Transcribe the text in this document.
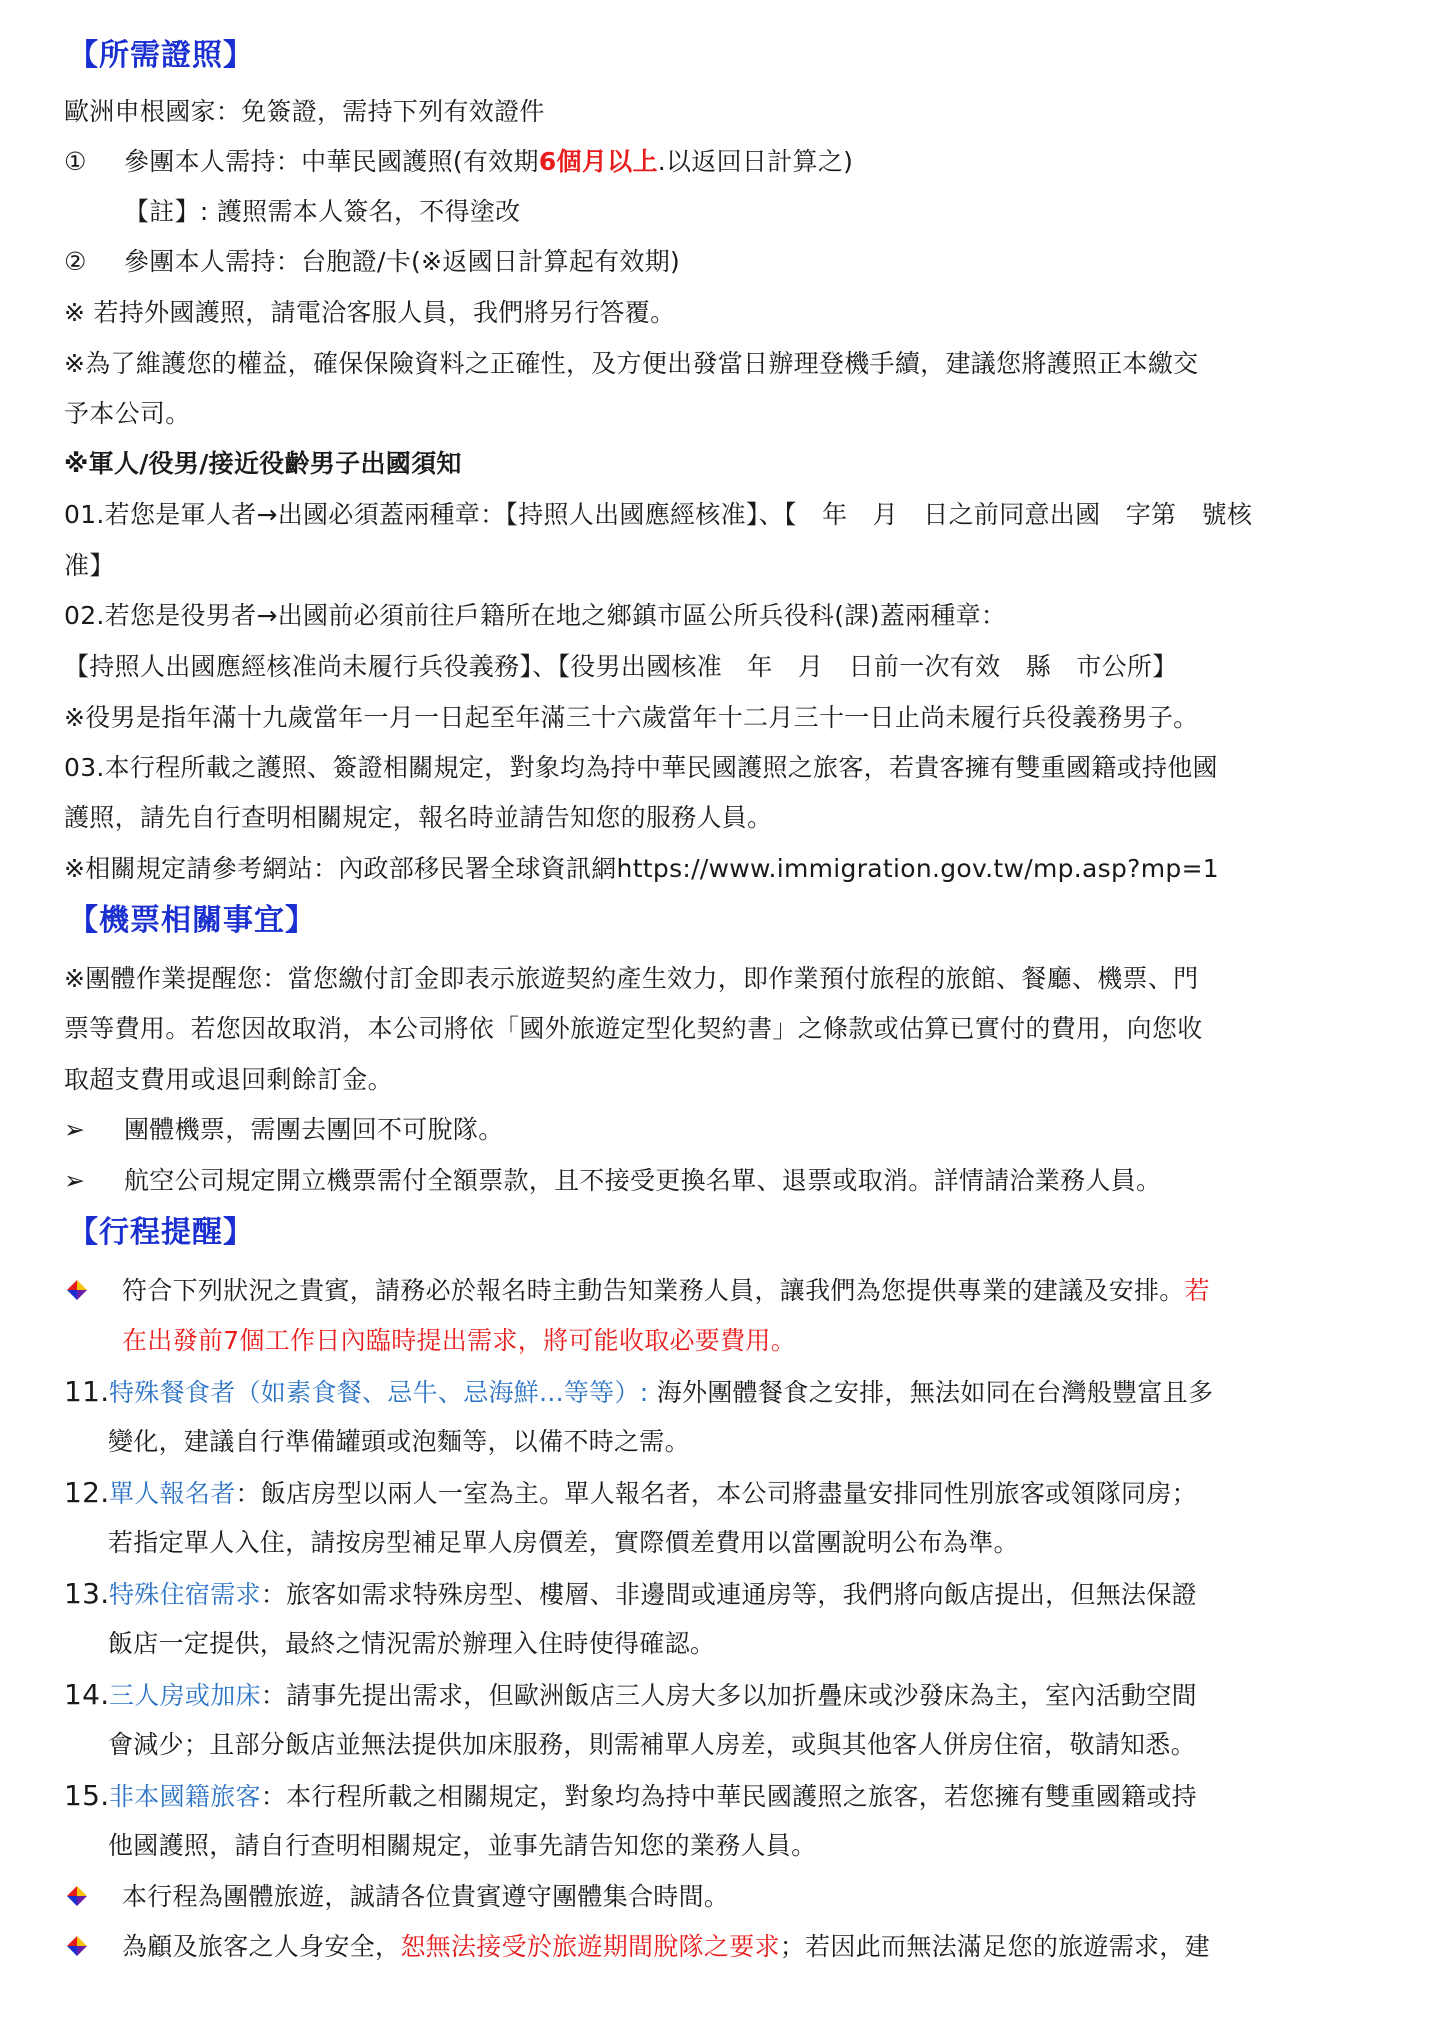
【所需證照】
歐洲申根國家：免簽證，需持下列有效證件
① 參團本人需持：中華民國護照(有效期6個月以上.以返回日計算之)
【註】: 護照需本人簽名，不得塗改
② 參團本人需持：台胞證/卡(※返國日計算起有效期)
※ 若持外國護照，請電洽客服人員，我們將另行答覆。
※為了維護您的權益，確保保險資料之正確性，及方便出發當日辦理登機手續，建議您將護照正本繳交
予本公司。
※軍人/役男/接近役齡男子出國須知
01.若您是軍人者→出國必須蓋兩種章：【持照人出國應經核准】、【　年　月　日之前同意出國　字第　號核
准】
02.若您是役男者→出國前必須前往戶籍所在地之鄉鎮市區公所兵役科(課)蓋兩種章：
【持照人出國應經核准尚未履行兵役義務】、【役男出國核准　年　月　日前一次有效　縣　市公所】
※役男是指年滿十九歲當年一月一日起至年滿三十六歲當年十二月三十一日止尚未履行兵役義務男子。
03.本行程所載之護照、簽證相關規定，對象均為持中華民國護照之旅客，若貴客擁有雙重國籍或持他國
護照，請先自行查明相關規定，報名時並請告知您的服務人員。
※相關規定請參考網站：內政部移民署全球資訊網https://www.immigration.gov.tw/mp.asp?mp=1
【機票相關事宜】
※團體作業提醒您：當您繳付訂金即表示旅遊契約產生效力，即作業預付旅程的旅館、餐廳、機票、門
票等費用。若您因故取消，本公司將依「國外旅遊定型化契約書」之條款或估算已實付的費用，向您收
取超支費用或退回剩餘訂金。
➢ 團體機票，需團去團回不可脫隊。
➢ 航空公司規定開立機票需付全額票款，且不接受更換名單、退票或取消。詳情請洽業務人員。
【行程提醒】
符合下列狀況之貴賓，請務必於報名時主動告知業務人員，讓我們為您提供專業的建議及安排。若
在出發前7個工作日內臨時提出需求，將可能收取必要費用。
11.特殊餐食者（如素食餐、忌牛、忌海鮮...等等）: 海外團體餐食之安排，無法如同在台灣般豐富且多
變化，建議自行準備罐頭或泡麵等，以備不時之需。
12.單人報名者：飯店房型以兩人一室為主。單人報名者，本公司將盡量安排同性別旅客或領隊同房；
若指定單人入住，請按房型補足單人房價差，實際價差費用以當團說明公布為準。
13.特殊住宿需求：旅客如需求特殊房型、樓層、非邊間或連通房等，我們將向飯店提出，但無法保證
飯店一定提供，最終之情況需於辦理入住時使得確認。
14.三人房或加床：請事先提出需求，但歐洲飯店三人房大多以加折疊床或沙發床為主，室內活動空間
會減少；且部分飯店並無法提供加床服務，則需補單人房差，或與其他客人併房住宿，敬請知悉。
15.非本國籍旅客：本行程所載之相關規定，對象均為持中華民國護照之旅客，若您擁有雙重國籍或持
他國護照，請自行查明相關規定，並事先請告知您的業務人員。
本行程為團體旅遊，誠請各位貴賓遵守團體集合時間。
為顧及旅客之人身安全，恕無法接受於旅遊期間脫隊之要求；若因此而無法滿足您的旅遊需求，建
